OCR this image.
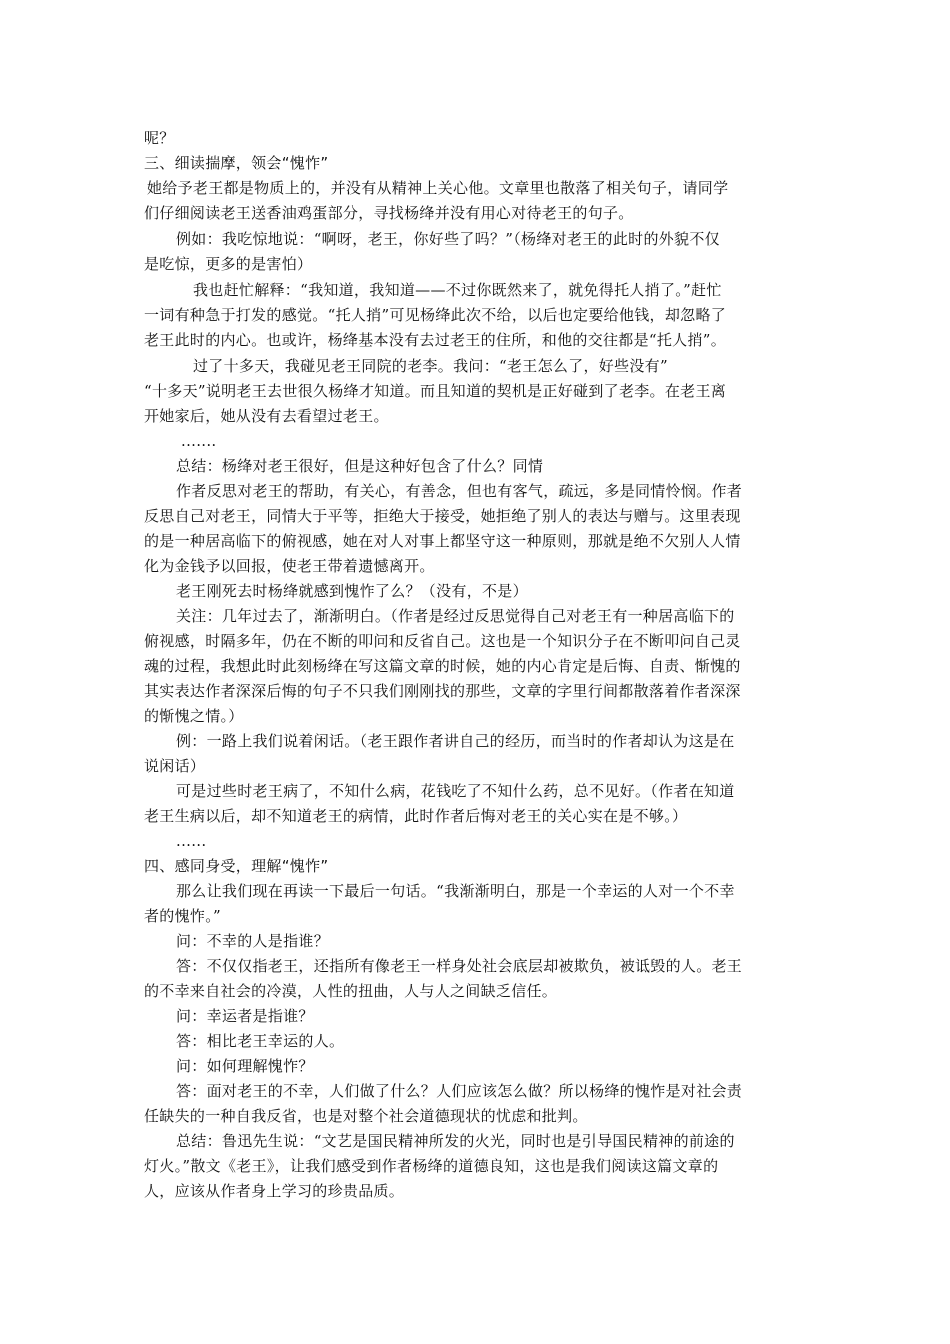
呢？
三、细读揣摩，领会“愧怍”
她给予老王都是物质上的，并没有从精神上关心他。文章里也散落了相关句子，请同学
们仔细阅读老王送香油鸡蛋部分，寻找杨绛并没有用心对待老王的句子。
例如：我吃惊地说：“啊呀，老王，你好些了吗？”（杨绛对老王的此时的外貌不仅
是吃惊，更多的是害怕）
我也赶忙解释：“我知道，我知道——不过你既然来了，就免得托人捎了。”赶忙
一词有种急于打发的感觉。“托人捎”可见杨绛此次不给，以后也定要给他钱，却忽略了
老王此时的内心。也或许，杨绛基本没有去过老王的住所，和他的交往都是“托人捎”。
过了十多天，我碰见老王同院的老李。我问：“老王怎么了，好些没有”
“十多天”说明老王去世很久杨绛才知道。而且知道的契机是正好碰到了老李。在老王离
开她家后，她从没有去看望过老王。
.......
总结：杨绛对老王很好，但是这种好包含了什么？同情
作者反思对老王的帮助，有关心，有善念，但也有客气，疏远，多是同情怜悯。作者
反思自己对老王，同情大于平等，拒绝大于接受，她拒绝了别人的表达与赠与。这里表现
的是一种居高临下的俯视感，她在对人对事上都坚守这一种原则，那就是绝不欠别人人情
化为金钱予以回报，使老王带着遗憾离开。
老王刚死去时杨绛就感到愧怍了么？（没有，不是）
关注：几年过去了，渐渐明白。（作者是经过反思觉得自己对老王有一种居高临下的
俯视感，时隔多年，仍在不断的叩问和反省自己。这也是一个知识分子在不断叩问自己灵
魂的过程，我想此时此刻杨绛在写这篇文章的时候，她的内心肯定是后悔、自责、惭愧的
其实表达作者深深后悔的句子不只我们刚刚找的那些，文章的字里行间都散落着作者深深
的惭愧之情。）
例：一路上我们说着闲话。（老王跟作者讲自己的经历，而当时的作者却认为这是在
说闲话）
可是过些时老王病了，不知什么病，花钱吃了不知什么药，总不见好。（作者在知道
老王生病以后，却不知道老王的病情，此时作者后悔对老王的关心实在是不够。）
......
四、感同身受，理解“愧怍”
那么让我们现在再读一下最后一句话。“我渐渐明白，那是一个幸运的人对一个不幸
者的愧怍。”
问：不幸的人是指谁？
答：不仅仅指老王，还指所有像老王一样身处社会底层却被欺负，被诋毁的人。老王
的不幸来自社会的冷漠，人性的扭曲，人与人之间缺乏信任。
问：幸运者是指谁？
答：相比老王幸运的人。
问：如何理解愧怍？
答：面对老王的不幸，人们做了什么？人们应该怎么做？所以杨绛的愧怍是对社会责
任缺失的一种自我反省，也是对整个社会道德现状的忧虑和批判。
总结：鲁迅先生说：“文艺是国民精神所发的火光，同时也是引导国民精神的前途的
灯火。”散文《老王》，让我们感受到作者杨绛的道德良知，这也是我们阅读这篇文章的
人，应该从作者身上学习的珍贵品质。
